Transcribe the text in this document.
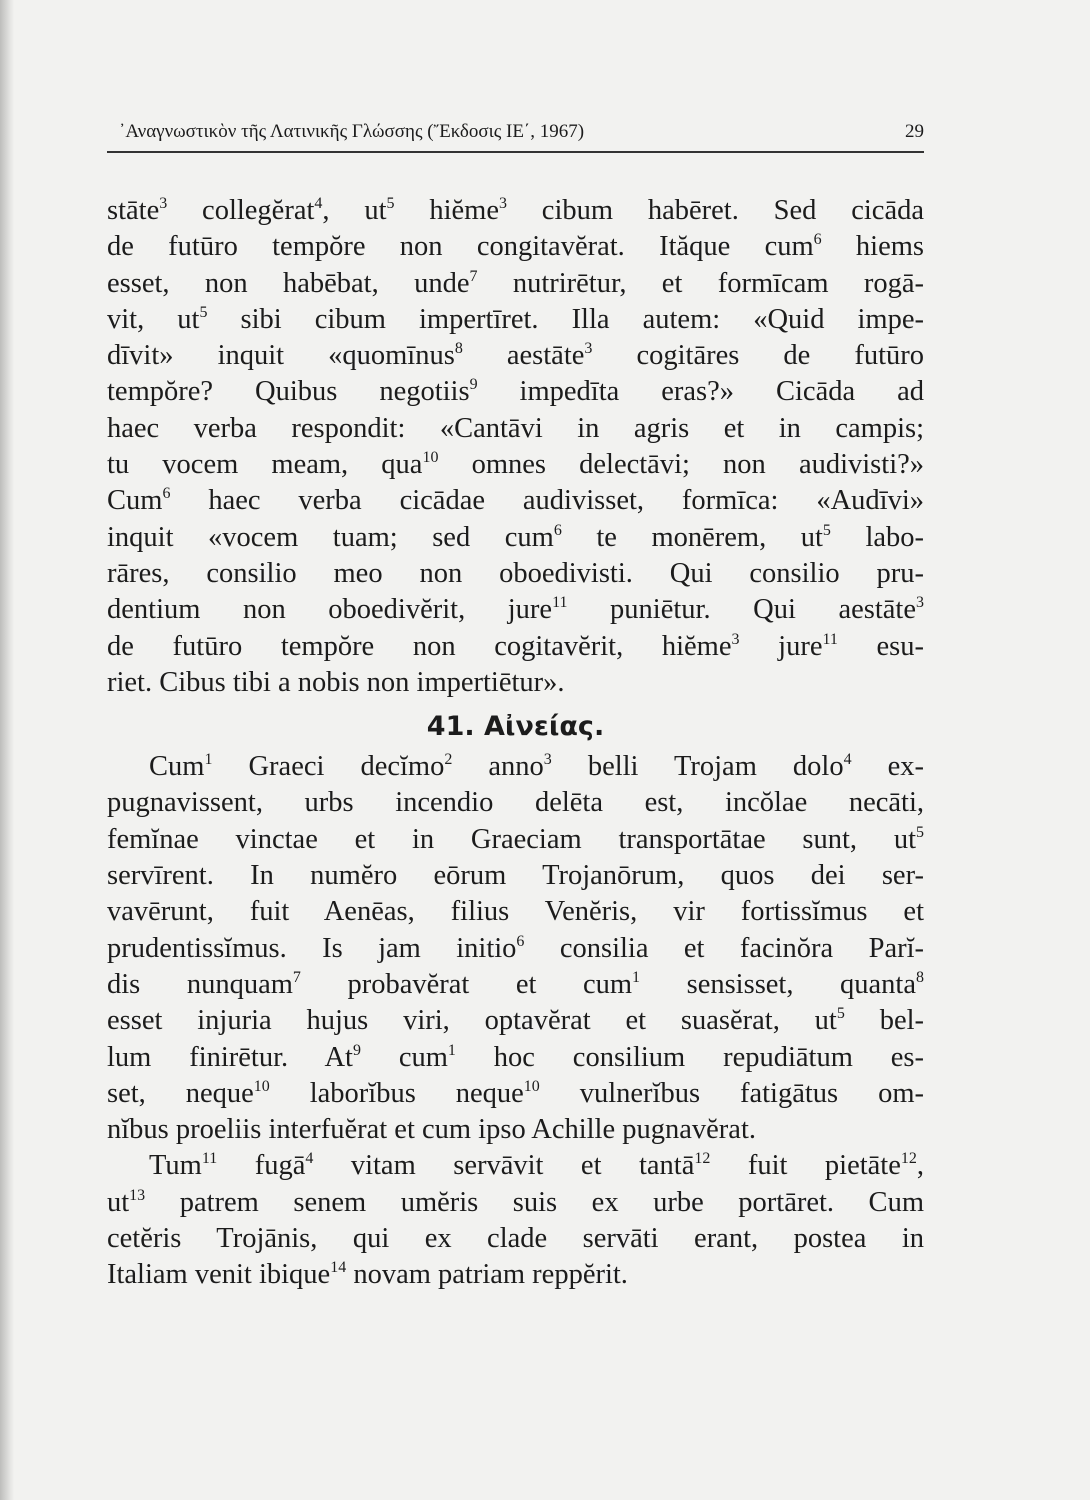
᾽Αναγνωστικὸν τῆς Λατινικῆς Γλώσσης (Ἔκδοσις ΙΕ΄, 1967)	29
stāte$^3$ collegĕrat$^4$, $ut^5$ hiĕme$^3$ cibum habēret. Sed cicāda
de futūro tempŏre non congitavĕrat. Ităque cum$^6$ hiems
esset, non habēbat, unde$^7$ nutrirētur, et formīcam rogā-
vit, $ut^5$ sibi cibum impertīret. Illa autem: «Quid impe-
dīvit» inquit «quomīnus$^8$ aestāte$^3$ cogitāres de futūro
tempŏre? Quibus negotiis$^9$ impedīta eras?» Cicāda ad
haec verba respondit: «Cantāvi in agris et in campis;
tu vocem meam, qua$^{10}$ omnes delectāvi; non audivisti?»
Cum$^6$ haec verba cicādae audivisset, formīca: «Audīvi»
inquit «vocem tuam; sed cum$^6$ te monērem, $ut^5$ labo-
rāres, consilio meo non oboedivisti. Qui consilio pru-
dentium non oboedivĕrit, jure$^{11}$ puniētur. Qui aestāte$^3$
de futūro tempŏre non cogitavĕrit, hiĕme$^3$ jure$^{11}$ esu-
riet. Cibus tibi a nobis non impertiētur».
41. Αἰνείας.
Cum$^1$ Graeci decĭmo$^2$ anno$^3$ belli Trojam dolo$^4$ ex-
pugnavissent, urbs incendio delēta est, incŏlae necāti,
femĭnae vinctae et in Graeciam transportātae sunt, $ut^5$
servīrent. In numĕro eōrum Trojanōrum, quos dei ser-
vavērunt, fuit Aenēas, filius Venĕris, vir fortissĭmus et
prudentissĭmus. Is jam initio$^6$ consilia et facinŏra Parĭ-
dis nunquam$^7$ probavĕrat et cum$^1$ sensisset, quanta$^8$
esset injuria hujus viri, optavĕrat et suasĕrat, $ut^5$ bel-
lum finirētur. At$^9$ cum$^1$ hoc consilium repudiātum es-
set, neque$^{10}$ laborĭbus neque$^{10}$ vulnerĭbus fatigātus om-
nĭbus proeliis interfuĕrat et cum ipso Achille pugnavĕrat.
Tum$^{11}$ fugā$^4$ vitam servāvit et tantā$^{12}$ fuit pietāte$^{12}$,
$ut^{13}$ patrem senem umĕris suis ex urbe portāret. Cum
cetĕris Trojānis, qui ex clade servāti erant, postea in
Italiam venit ibique$^{14}$ novam patriam reppĕrit.
